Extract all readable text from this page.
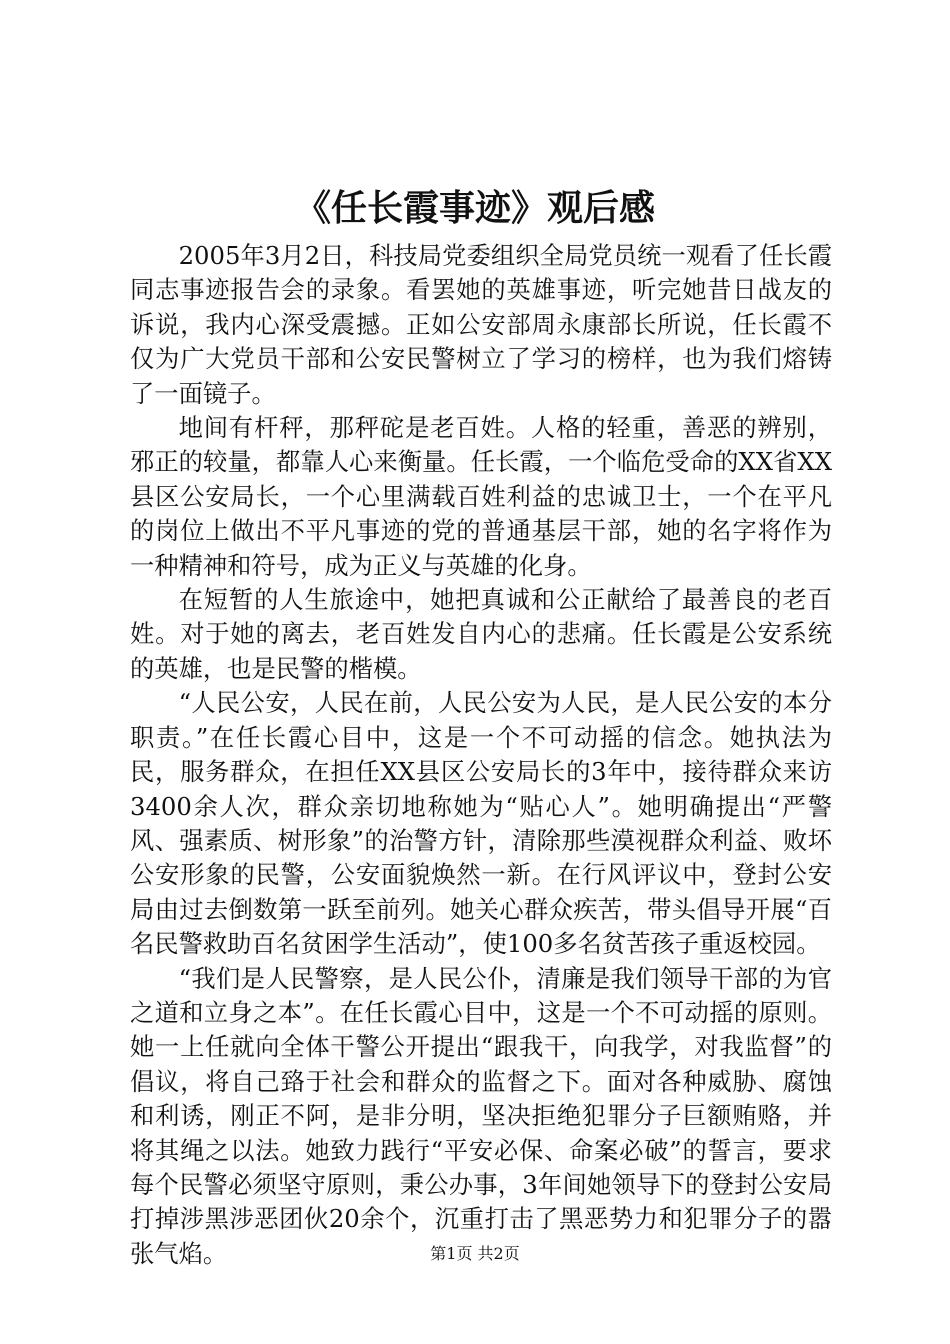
《任长霞事迹》观后感

2005年3月2日，科技局党委组织全局党员统一观看了任长霞同志事迹报告会的录象。看罢她的英雄事迹，听完她昔日战友的诉说，我内心深受震撼。正如公安部周永康部长所说，任长霞不仅为广大党员干部和公安民警树立了学习的榜样，也为我们熔铸了一面镜子。

地间有杆秤，那秤砣是老百姓。人格的轻重，善恶的辨别，邪正的较量，都靠人心来衡量。任长霞，一个临危受命的XX省XX县区公安局长，一个心里满载百姓利益的忠诚卫士，一个在平凡的岗位上做出不平凡事迹的党的普通基层干部，她的名字将作为一种精神和符号，成为正义与英雄的化身。

在短暂的人生旅途中，她把真诚和公正献给了最善良的老百姓。对于她的离去，老百姓发自内心的悲痛。任长霞是公安系统的英雄，也是民警的楷模。

“人民公安，人民在前，人民公安为人民，是人民公安的本分职责。”在任长霞心目中，这是一个不可动摇的信念。她执法为民，服务群众，在担任XX县区公安局长的3年中，接待群众来访3400余人次，群众亲切地称她为“贴心人”。她明确提出“严警风、强素质、树形象”的治警方针，清除那些漠视群众利益、败坏公安形象的民警，公安面貌焕然一新。在行风评议中，登封公安局由过去倒数第一跃至前列。她关心群众疾苦，带头倡导开展“百名民警救助百名贫困学生活动”，使100多名贫苦孩子重返校园。

“我们是人民警察，是人民公仆，清廉是我们领导干部的为官之道和立身之本”。在任长霞心目中，这是一个不可动摇的原则。她一上任就向全体干警公开提出“跟我干，向我学，对我监督”的倡议，将自己臵于社会和群众的监督之下。面对各种威胁、腐蚀和利诱，刚正不阿，是非分明，坚决拒绝犯罪分子巨额贿赂，并将其绳之以法。她致力践行“平安必保、命案必破”的誓言，要求每个民警必须坚守原则，秉公办事，3年间她领导下的登封公安局打掉涉黑涉恶团伙20余个，沉重打击了黑恶势力和犯罪分子的嚣张气焰。	第1页 共2页
